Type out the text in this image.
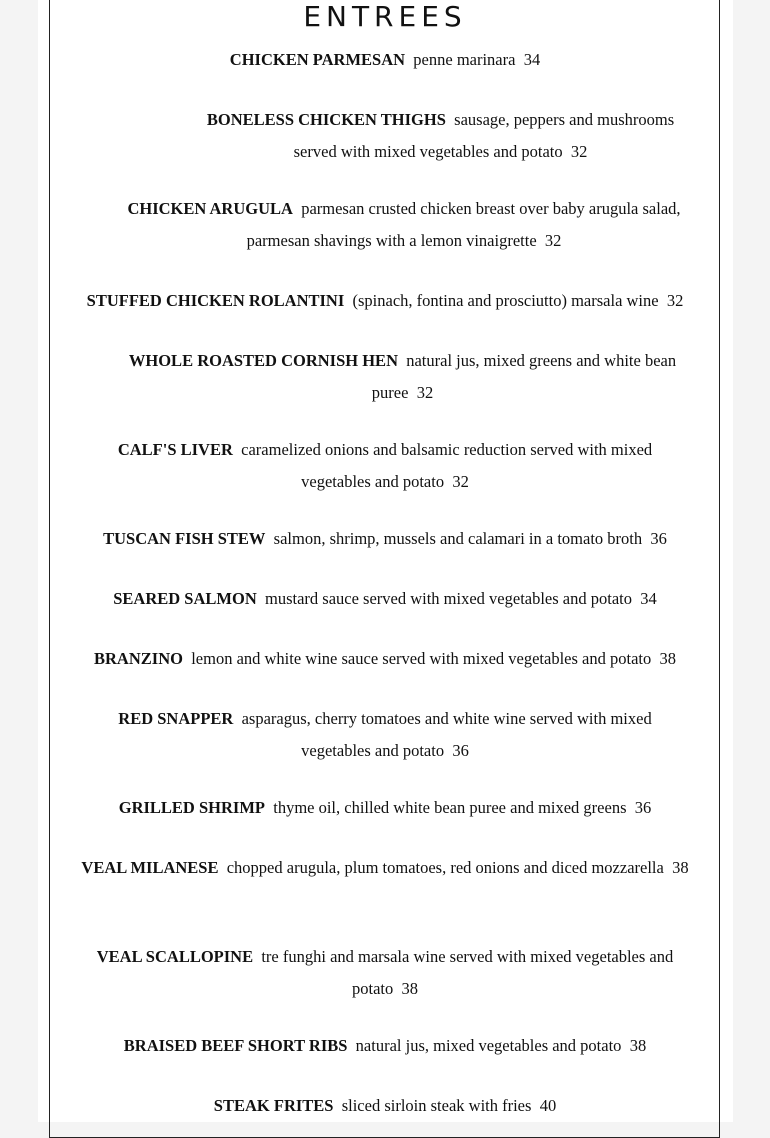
ENTREES
CHICKEN PARMESAN penne marinara 34
BONELESS CHICKEN THIGHS sausage, peppers and mushrooms served with mixed vegetables and potato 32
CHICKEN ARUGULA parmesan crusted chicken breast over baby arugula salad, parmesan shavings with a lemon vinaigrette 32
STUFFED CHICKEN ROLANTINI (spinach, fontina and prosciutto) marsala wine 32
WHOLE ROASTED CORNISH HEN natural jus, mixed greens and white bean puree 32
CALF'S LIVER caramelized onions and balsamic reduction served with mixed vegetables and potato 32
TUSCAN FISH STEW salmon, shrimp, mussels and calamari in a tomato broth 36
SEARED SALMON mustard sauce served with mixed vegetables and potato 34
BRANZINO lemon and white wine sauce served with mixed vegetables and potato 38
RED SNAPPER asparagus, cherry tomatoes and white wine served with mixed vegetables and potato 36
GRILLED SHRIMP thyme oil, chilled white bean puree and mixed greens 36
VEAL MILANESE chopped arugula, plum tomatoes, red onions and diced mozzarella 38
VEAL SCALLOPINE tre funghi and marsala wine served with mixed vegetables and potato 38
BRAISED BEEF SHORT RIBS natural jus, mixed vegetables and potato 38
STEAK FRITES sliced sirloin steak with fries 40
